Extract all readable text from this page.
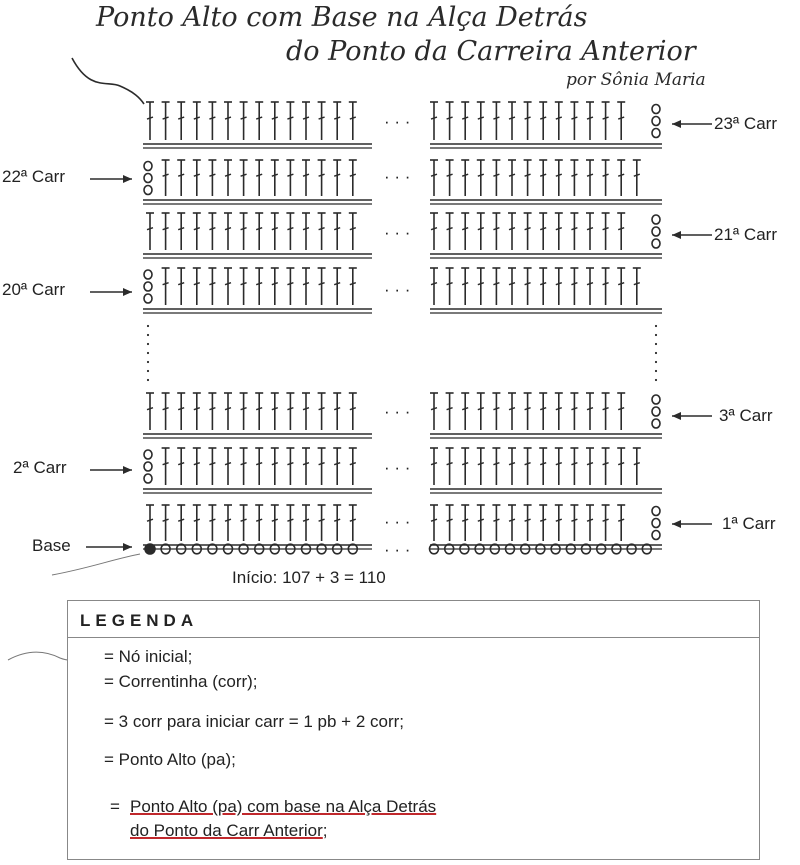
Ponto Alto com Base na Alça Detrás
do Ponto da Carreira Anterior
por Sônia Maria
23ª Carr
22ª Carr
21ª Carr
20ª Carr
3ª Carr
2ª Carr
1ª Carr
Base
· · ·
· · ·
· · ·
· · ·
· · ·
· · ·
· · ·
· · ·
Início: 107 + 3 = 110
LEGENDA
= Nó inicial;
= Correntinha (corr);
= 3 corr para iniciar carr = 1 pb + 2 corr;
= Ponto Alto (pa);
= Ponto Alto (pa) com base na Alça Detrás
do Ponto da Carr Anterior;
